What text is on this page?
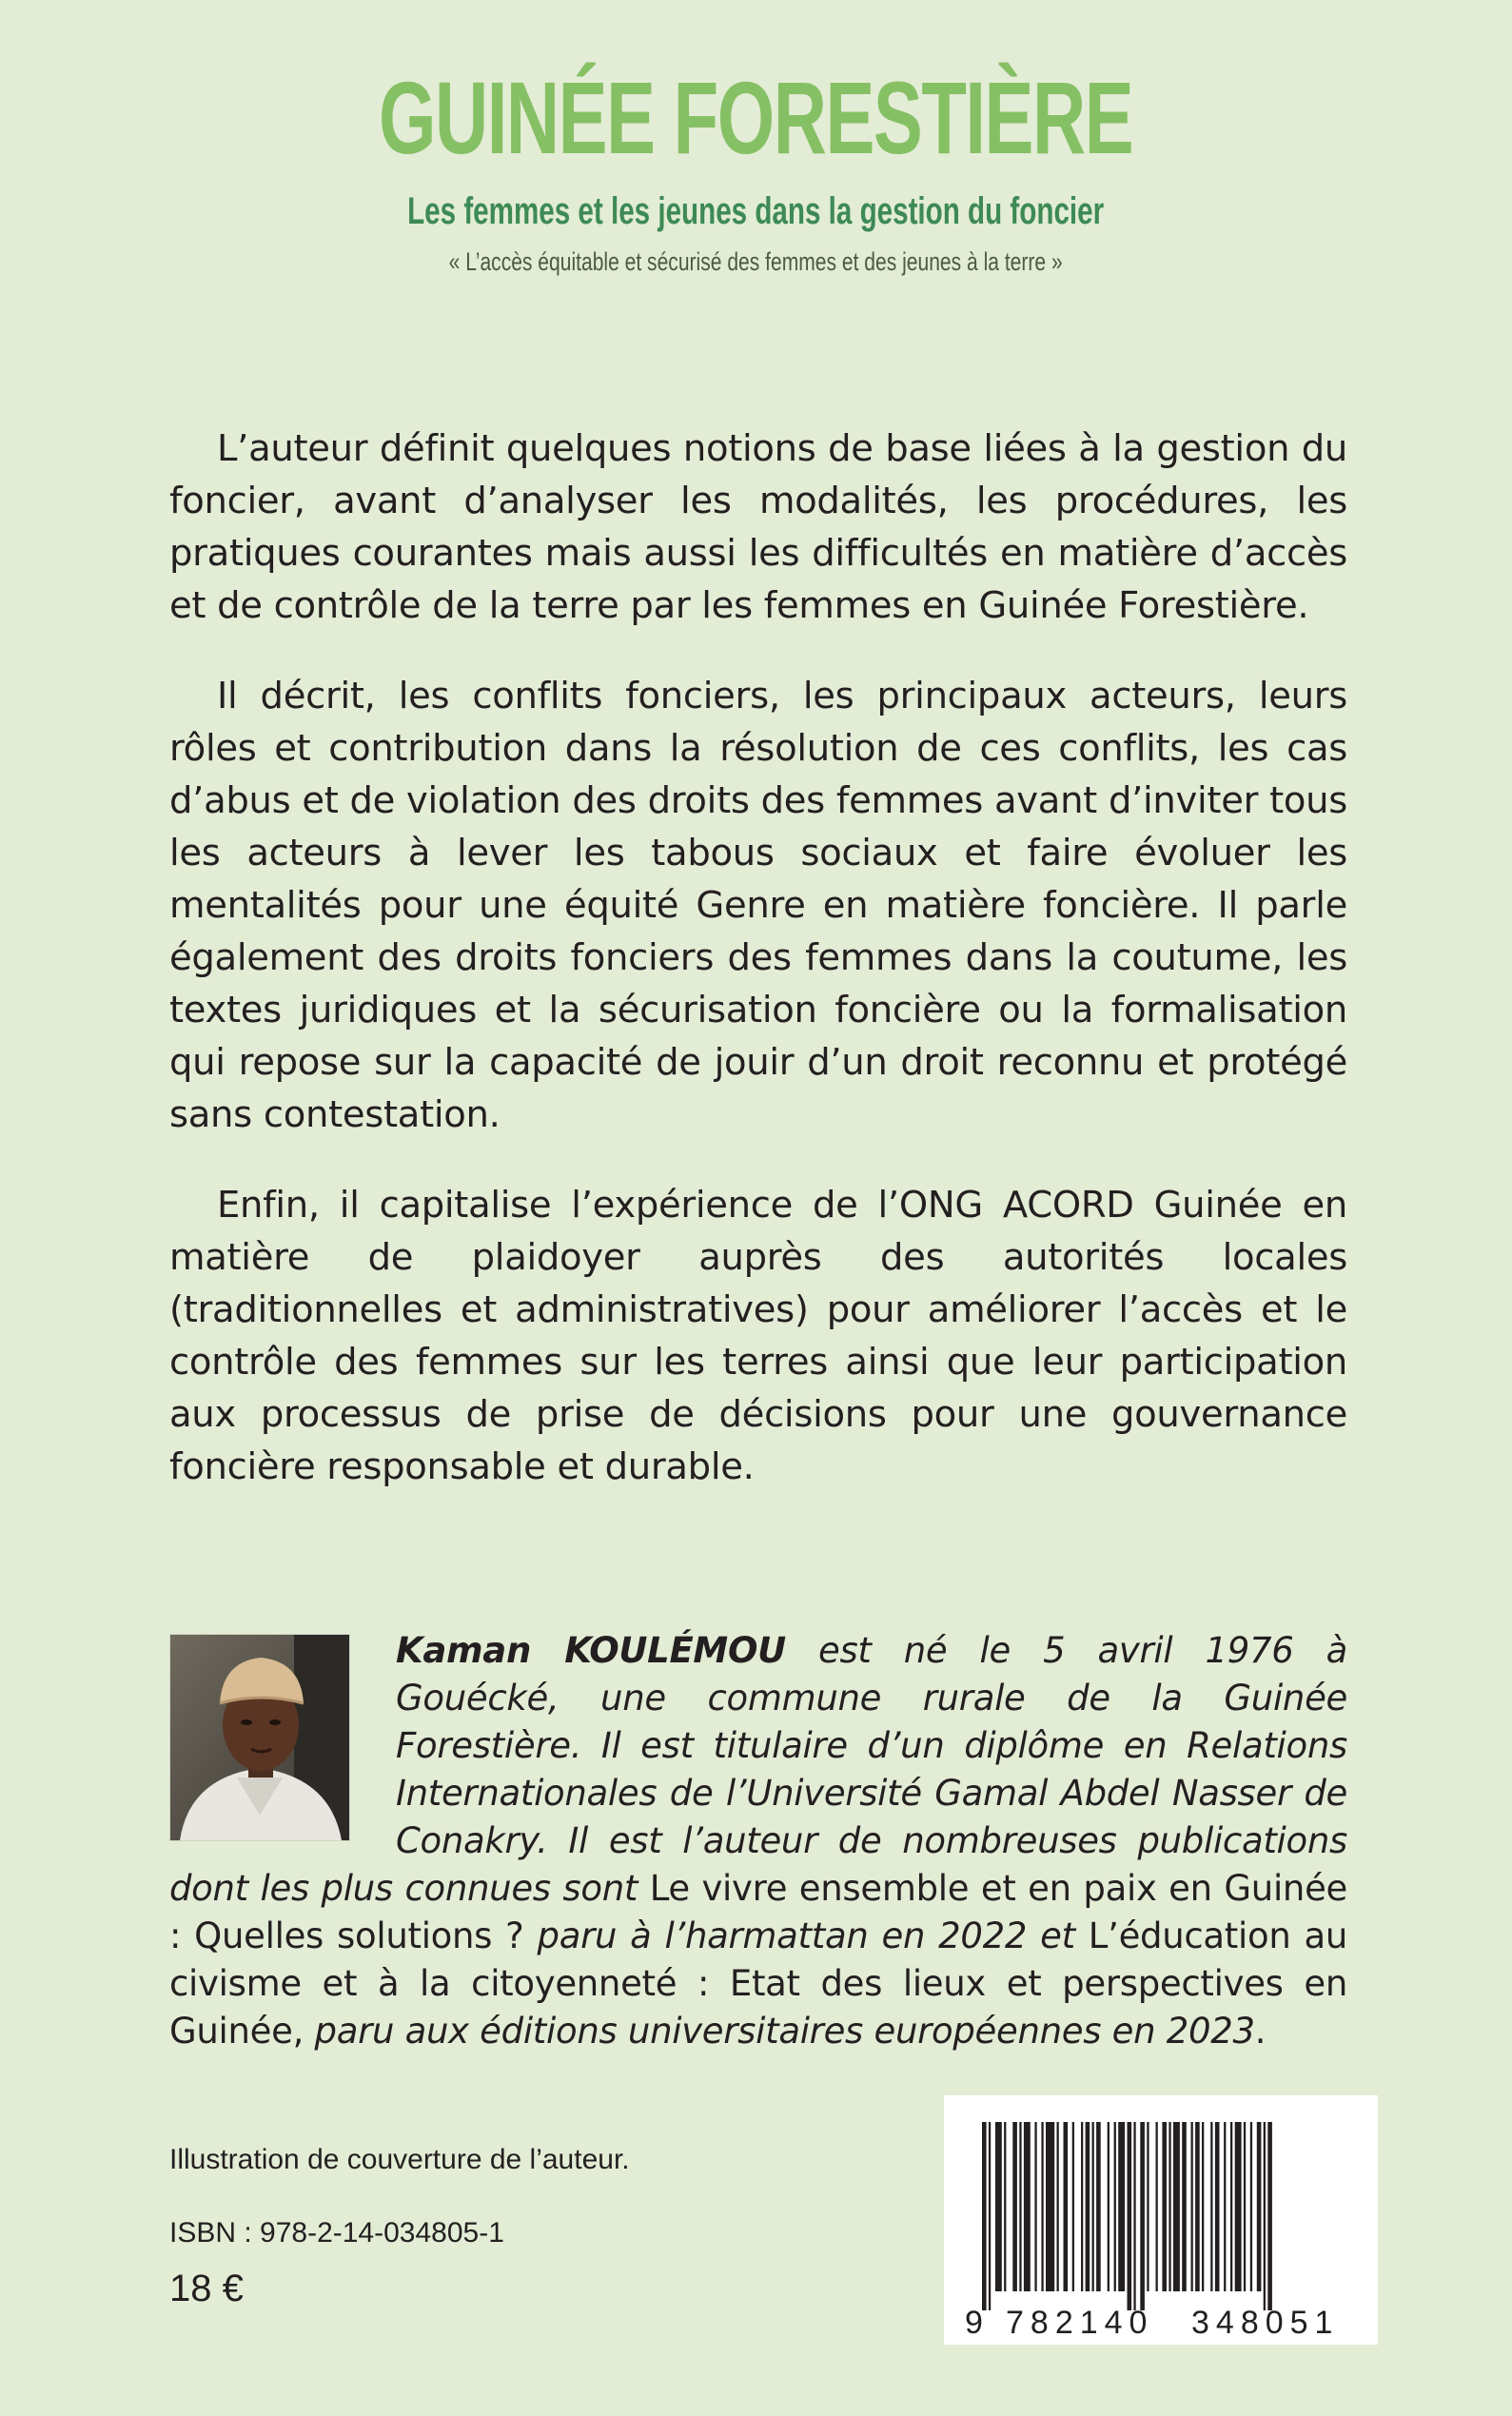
GUINÉE FORESTIÈRE
Les femmes et les jeunes dans la gestion du foncier
« L’accès équitable et sécurisé des femmes et des jeunes à la terre »

L’auteur définit quelques notions de base liées à la gestion du foncier, avant d’analyser les modalités, les procédures, les pratiques courantes mais aussi les difficultés en matière d’accès et de contrôle de la terre par les femmes en Guinée Forestière.

Il décrit, les conflits fonciers, les principaux acteurs, leurs rôles et contribution dans la résolution de ces conflits, les cas d’abus et de violation des droits des femmes avant d’inviter tous les acteurs à lever les tabous sociaux et faire évoluer les mentalités pour une équité Genre en matière foncière. Il parle également des droits fonciers des femmes dans la coutume, les textes juridiques et la sécurisation foncière ou la formalisation qui repose sur la capacité de jouir d’un droit reconnu et protégé sans contestation.

Enfin, il capitalise l’expérience de l’ONG ACORD Guinée en matière de plaidoyer auprès des autorités locales (traditionnelles et administratives) pour améliorer l’accès et le contrôle des femmes sur les terres ainsi que leur participation aux processus de prise de décisions pour une gouvernance foncière responsable et durable.

Kaman KOULÉMOU est né le 5 avril 1976 à Gouécké, une commune rurale de la Guinée Forestière. Il est titulaire d’un diplôme en Relations Internationales de l’Université Gamal Abdel Nasser de Conakry. Il est l’auteur de nombreuses publications dont les plus connues sont Le vivre ensemble et en paix en Guinée : Quelles solutions ? paru à l’harmattan en 2022 et L’éducation au civisme et à la citoyenneté : Etat des lieux et perspectives en Guinée, paru aux éditions universitaires européennes en 2023.
Illustration de couverture de l’auteur.
ISBN : 978-2-14-034805-1
18 €
9 782140 348051
